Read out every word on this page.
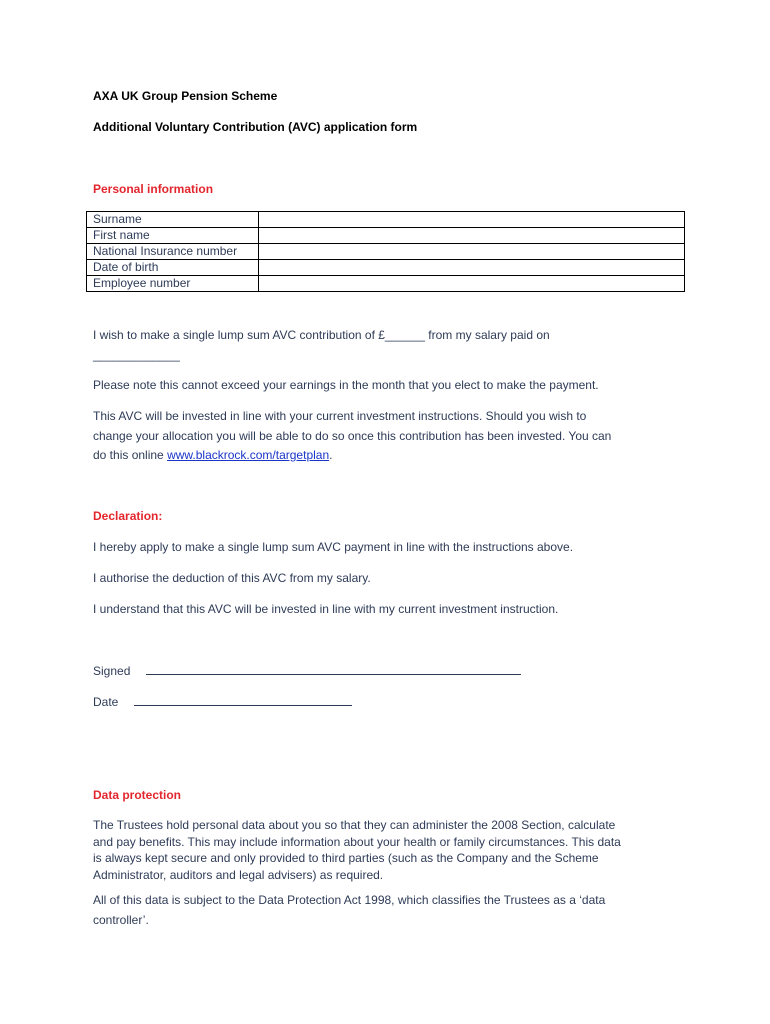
AXA UK Group Pension Scheme

Additional Voluntary Contribution (AVC) application form

Personal information

Surname	
First name	
National Insurance number	
Date of birth	
Employee number	
I wish to make a single lump sum AVC contribution of £______ from my salary paid on
_____________

Please note this cannot exceed your earnings in the month that you elect to make the payment.

This AVC will be invested in line with your current investment instructions. Should you wish to
change your allocation you will be able to do so once this contribution has been invested. You can
do this online www.blackrock.com/targetplan.

Declaration:

I hereby apply to make a single lump sum AVC payment in line with the instructions above.

I authorise the deduction of this AVC from my salary.

I understand that this AVC will be invested in line with my current investment instruction.

Signed
Date

Data protection

The Trustees hold personal data about you so that they can administer the 2008 Section, calculate
and pay benefits. This may include information about your health or family circumstances. This data
is always kept secure and only provided to third parties (such as the Company and the Scheme
Administrator, auditors and legal advisers) as required.
All of this data is subject to the Data Protection Act 1998, which classifies the Trustees as a ‘data
controller’.
